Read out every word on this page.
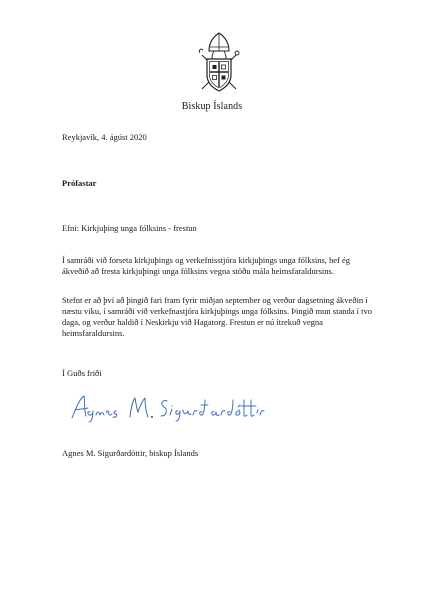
Biskup Íslands
Reykjavík, 4. ágúst 2020
Prófastar
Efni: Kirkjuþing unga fólksins - frestun
Í samráði við forseta kirkjuþings og verkefnisstjóra kirkjuþings unga fólksins, hef ég ákveðið að fresta kirkjuþingi unga fólksins vegna stöðu mála heimsfaraldursins.
Stefnt er að því að þingið fari fram fyrir miðjan september og verður dagsetning ákveðin í næstu viku, í samráði við verkefnastjóra kirkjuþings unga fólksins. Þingið mun standa í tvo daga, og verður haldið í Neskirkju við Hagatorg. Frestun er nú ítrekuð vegna heimsfaraldursins.
Í Guðs friði
Agnes M. Sigurðardóttir, biskup Íslands
